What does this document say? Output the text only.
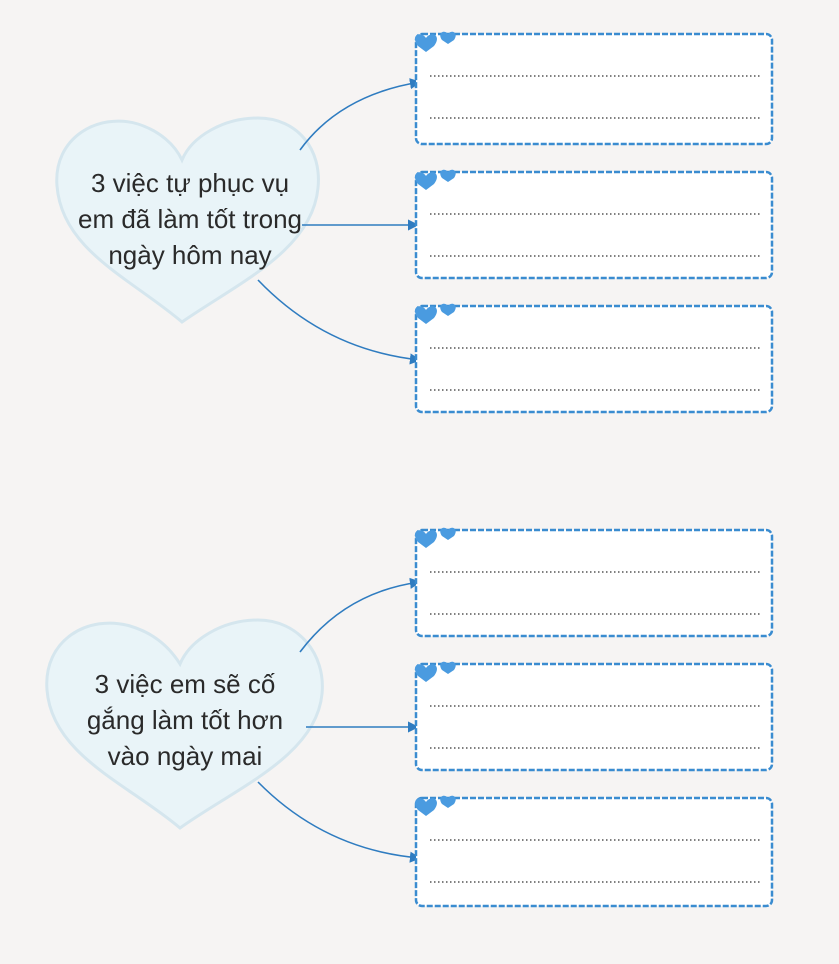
3 việc tự phục vụ
em đã làm tốt trong
ngày hôm nay
3 việc em sẽ cố
gắng làm tốt hơn
vào ngày mai
